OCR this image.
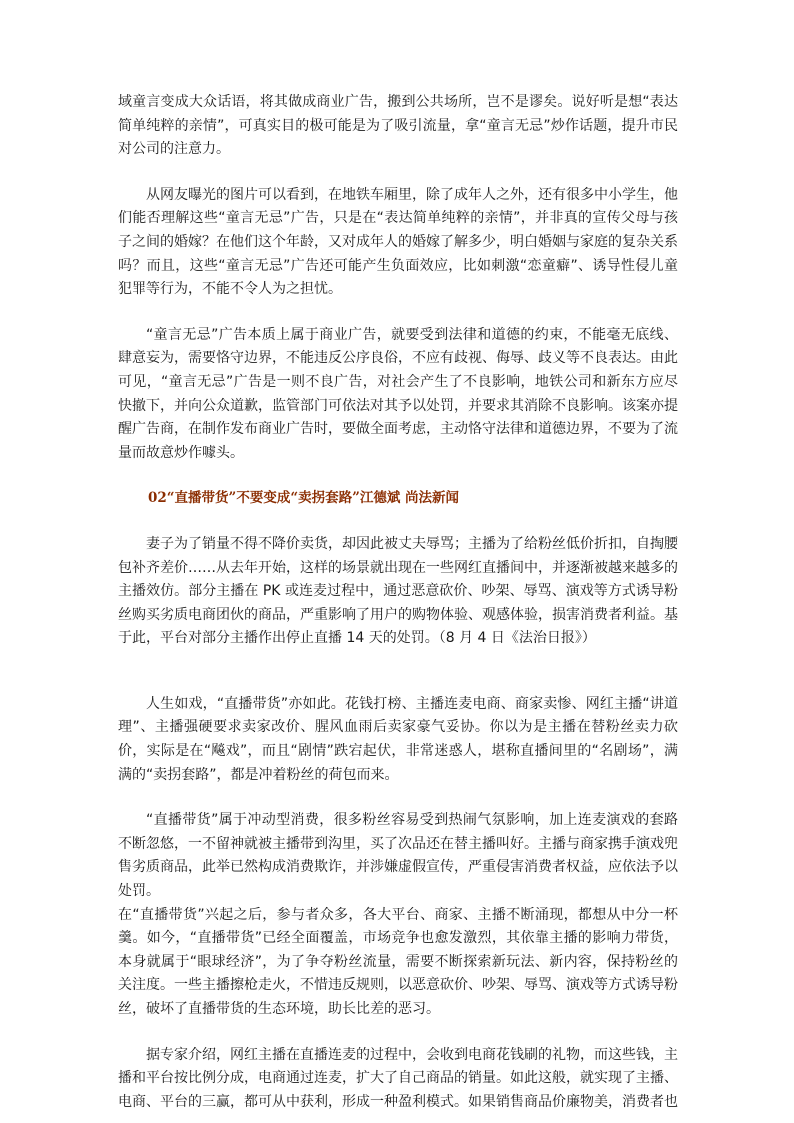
域童言变成大众话语，将其做成商业广告，搬到公共场所，岂不是谬矣。说好听是想“表达简单纯粹的亲情”，可真实目的极可能是为了吸引流量，拿“童言无忌”炒作话题，提升市民对公司的注意力。

从网友曝光的图片可以看到，在地铁车厢里，除了成年人之外，还有很多中小学生，他们能否理解这些“童言无忌”广告，只是在“表达简单纯粹的亲情”，并非真的宣传父母与孩子之间的婚嫁？在他们这个年龄，又对成年人的婚嫁了解多少，明白婚姻与家庭的复杂关系吗？而且，这些“童言无忌”广告还可能产生负面效应，比如刺激“恋童癖”、诱导性侵儿童犯罪等行为，不能不令人为之担忧。

“童言无忌”广告本质上属于商业广告，就要受到法律和道德的约束，不能毫无底线、肆意妄为，需要恪守边界，不能违反公序良俗，不应有歧视、侮辱、歧义等不良表达。由此可见，“童言无忌”广告是一则不良广告，对社会产生了不良影响，地铁公司和新东方应尽快撤下，并向公众道歉，监管部门可依法对其予以处罚，并要求其消除不良影响。该案亦提醒广告商，在制作发布商业广告时，要做全面考虑，主动恪守法律和道德边界，不要为了流量而故意炒作噱头。

02“直播带货”不要变成“卖拐套路”江德斌 尚法新闻

妻子为了销量不得不降价卖货，却因此被丈夫辱骂；主播为了给粉丝低价折扣，自掏腰包补齐差价……从去年开始，这样的场景就出现在一些网红直播间中，并逐渐被越来越多的主播效仿。部分主播在 PK 或连麦过程中，通过恶意砍价、吵架、辱骂、演戏等方式诱导粉丝购买劣质电商团伙的商品，严重影响了用户的购物体验、观感体验，损害消费者利益。基于此，平台对部分主播作出停止直播 14 天的处罚。（8 月 4 日《法治日报》）

人生如戏，“直播带货”亦如此。花钱打榜、主播连麦电商、商家卖惨、网红主播“讲道理”、主播强硬要求卖家改价、腥风血雨后卖家豪气妥协。你以为是主播在替粉丝卖力砍价，实际是在“飚戏”，而且“剧情”跌宕起伏，非常迷惑人，堪称直播间里的“名剧场”，满满的“卖拐套路”，都是冲着粉丝的荷包而来。

“直播带货”属于冲动型消费，很多粉丝容易受到热闹气氛影响，加上连麦演戏的套路不断忽悠，一不留神就被主播带到沟里，买了次品还在替主播叫好。主播与商家携手演戏兜售劣质商品，此举已然构成消费欺诈，并涉嫌虚假宣传，严重侵害消费者权益，应依法予以处罚。

在“直播带货”兴起之后，参与者众多，各大平台、商家、主播不断涌现，都想从中分一杯羹。如今，“直播带货”已经全面覆盖，市场竞争也愈发激烈，其依靠主播的影响力带货，本身就属于“眼球经济”，为了争夺粉丝流量，需要不断探索新玩法、新内容，保持粉丝的关注度。一些主播擦枪走火，不惜违反规则，以恶意砍价、吵架、辱骂、演戏等方式诱导粉丝，破坏了直播带货的生态环境，助长比差的恶习。

据专家介绍，网红主播在直播连麦的过程中，会收到电商花钱刷的礼物，而这些钱，主播和平台按比例分成，电商通过连麦，扩大了自己商品的销量。如此这般，就实现了主播、电商、平台的三赢，都可从中获利，形成一种盈利模式。如果销售商品价廉物美，消费者也
